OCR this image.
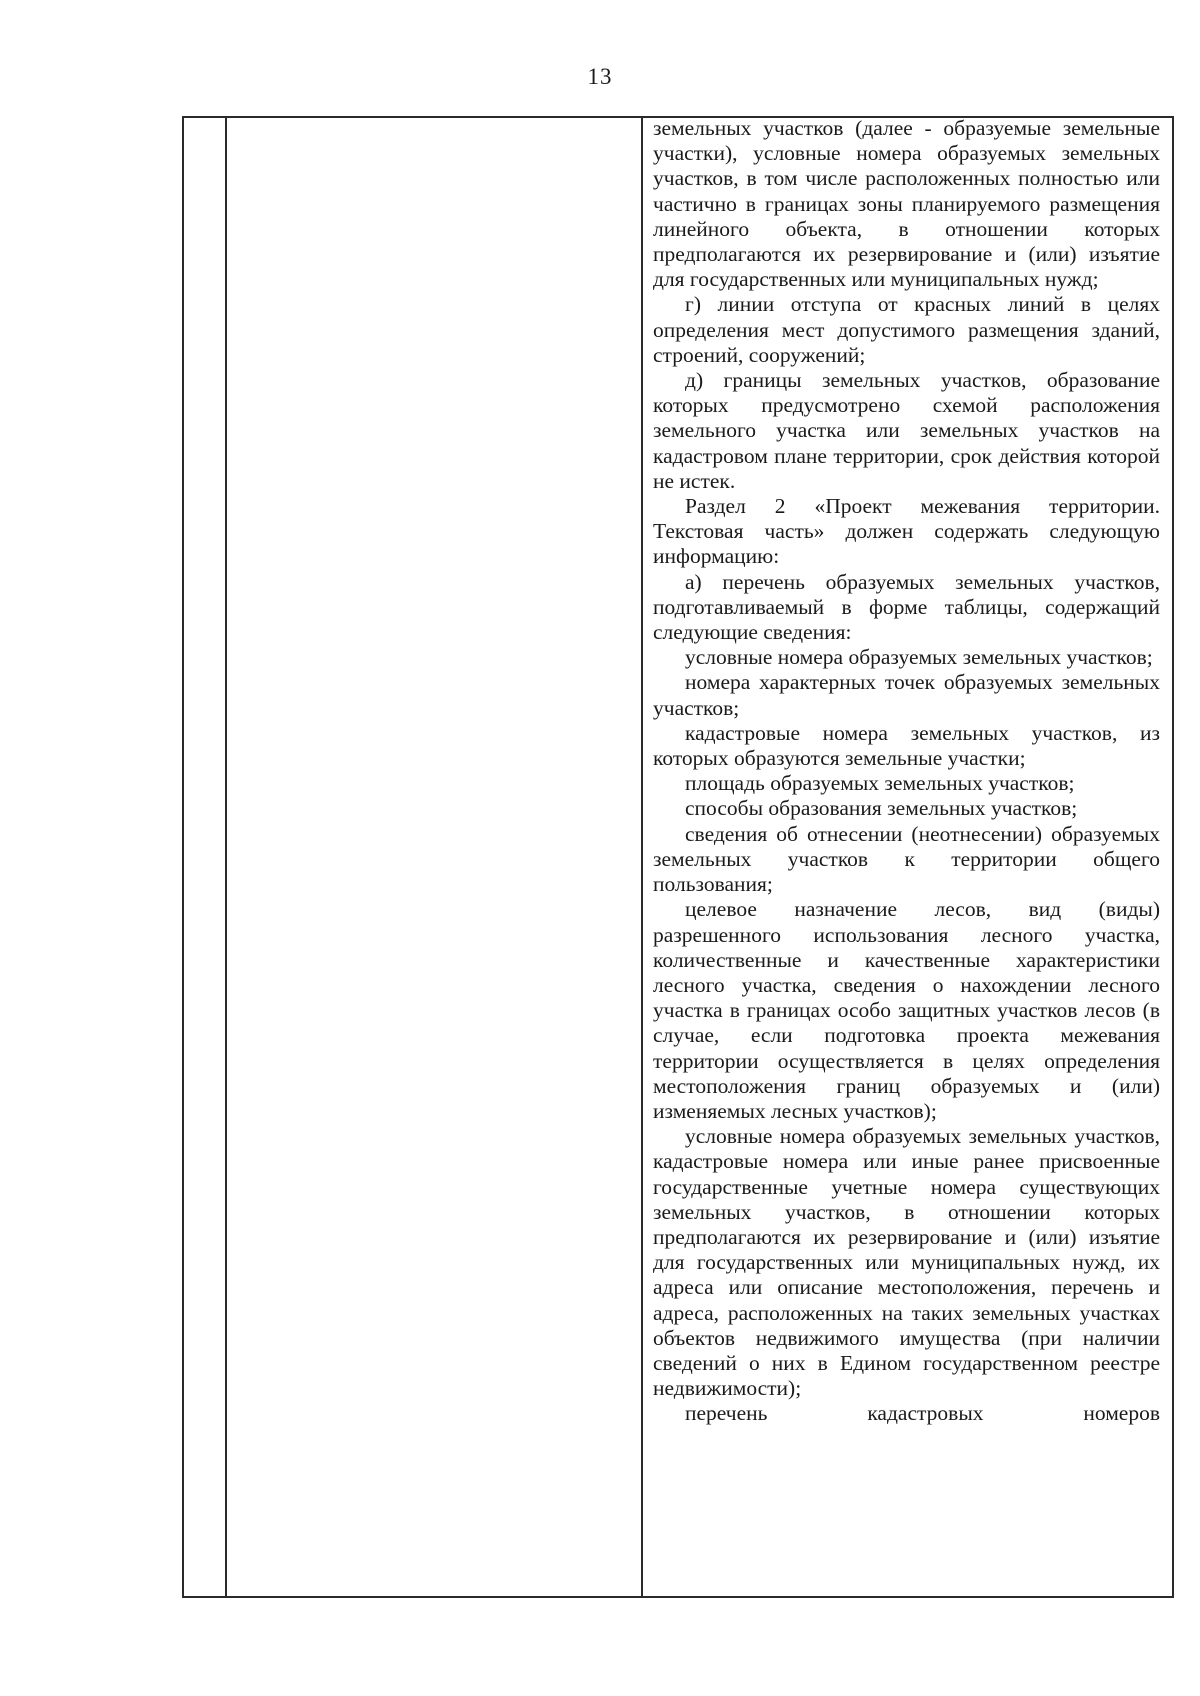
13

земельных участков (далее - образуемые земельные участки), условные номера образуемых земельных участков, в том числе расположенных полностью или частично в границах зоны планируемого размещения линейного объекта, в отношении которых предполагаются их резервирование и (или) изъятие для государственных или муниципальных нужд;

г) линии отступа от красных линий в целях определения мест допустимого размещения зданий, строений, сооружений;

д) границы земельных участков, образование которых предусмотрено схемой расположения земельного участка или земельных участков на кадастровом плане территории, срок действия которой не истек.

Раздел 2 «Проект межевания территории. Текстовая часть» должен содержать следующую информацию:

а) перечень образуемых земельных участков, подготавливаемый в форме таблицы, содержащий следующие сведения:

условные номера образуемых земельных участков;

номера характерных точек образуемых земельных участков;

кадастровые номера земельных участков, из которых образуются земельные участки;

площадь образуемых земельных участков;

способы образования земельных участков;

сведения об отнесении (неотнесении) образуемых земельных участков к территории общего пользования;

целевое назначение лесов, вид (виды) разрешенного использования лесного участка, количественные и качественные характеристики лесного участка, сведения о нахождении лесного участка в границах особо защитных участков лесов (в случае, если подготовка проекта межевания территории осуществляется в целях определения местоположения границ образуемых и (или) изменяемых лесных участков);

условные номера образуемых земельных участков, кадастровые номера или иные ранее присвоенные государственные учетные номера существующих земельных участков, в отношении которых предполагаются их резервирование и (или) изъятие для государственных или муниципальных нужд, их адреса или описание местоположения, перечень и адреса, расположенных на таких земельных участках объектов недвижимого имущества (при наличии сведений о них в Едином государственном реестре недвижимости);

перечень кадастровых номеров
